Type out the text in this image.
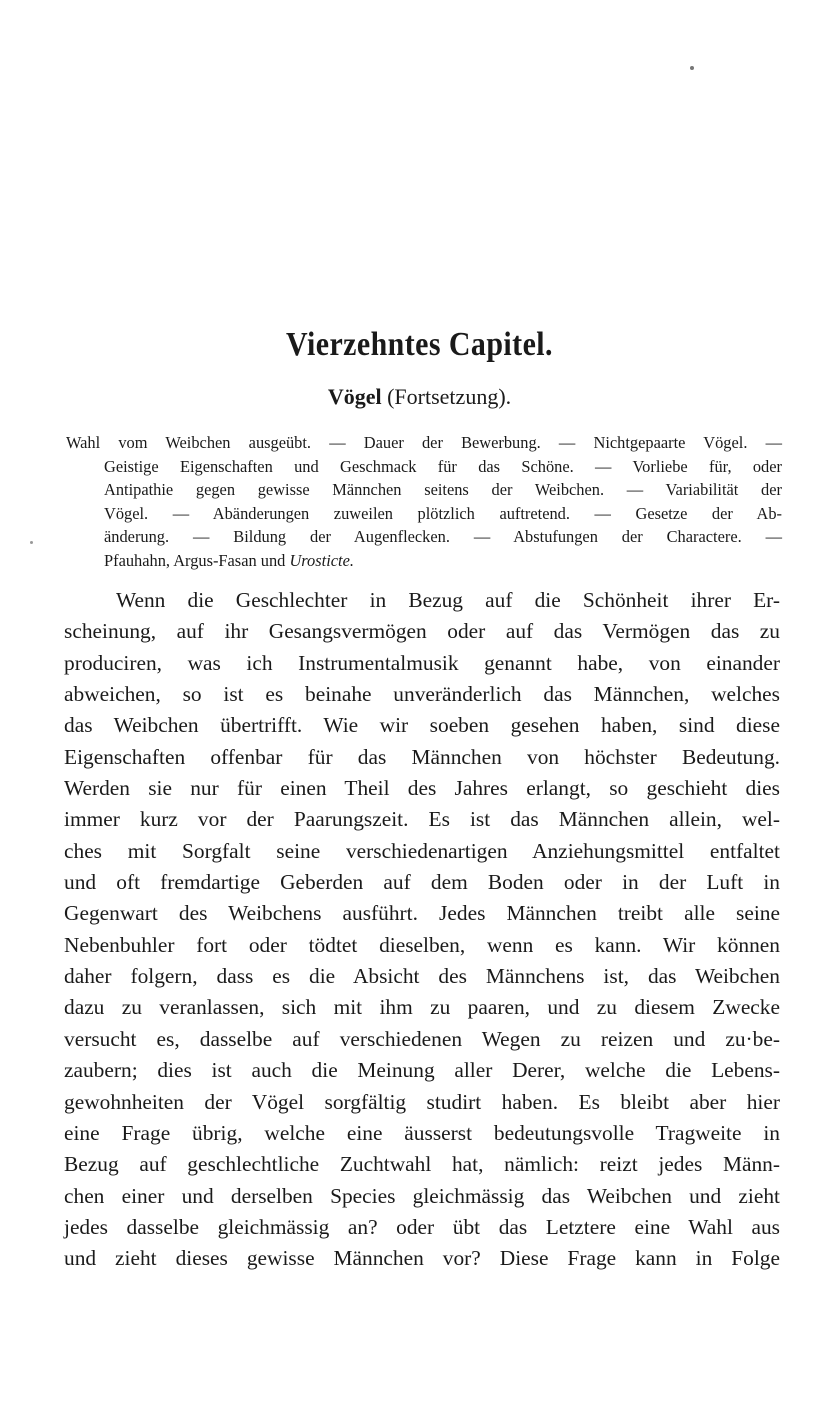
Vierzehntes Capitel.
Vögel (Fortsetzung).
Wahl vom Weibchen ausgeübt. — Dauer der Bewerbung. — Nichtgepaarte Vögel. —
Geistige Eigenschaften und Geschmack für das Schöne. — Vorliebe für, oder
Antipathie gegen gewisse Männchen seitens der Weibchen. — Variabilität der
Vögel. — Abänderungen zuweilen plötzlich auftretend. — Gesetze der Ab-
änderung. — Bildung der Augenflecken. — Abstufungen der Charactere. —
Pfauhahn, Argus-Fasan und Urosticte.
Wenn die Geschlechter in Bezug auf die Schönheit ihrer Er-
scheinung, auf ihr Gesangsvermögen oder auf das Vermögen das zu
produciren, was ich Instrumentalmusik genannt habe, von einander
abweichen, so ist es beinahe unveränderlich das Männchen, welches
das Weibchen übertrifft. Wie wir soeben gesehen haben, sind diese
Eigenschaften offenbar für das Männchen von höchster Bedeutung.
Werden sie nur für einen Theil des Jahres erlangt, so geschieht dies
immer kurz vor der Paarungszeit. Es ist das Männchen allein, wel-
ches mit Sorgfalt seine verschiedenartigen Anziehungsmittel entfaltet
und oft fremdartige Geberden auf dem Boden oder in der Luft in
Gegenwart des Weibchens ausführt. Jedes Männchen treibt alle seine
Nebenbuhler fort oder tödtet dieselben, wenn es kann. Wir können
daher folgern, dass es die Absicht des Männchens ist, das Weibchen
dazu zu veranlassen, sich mit ihm zu paaren, und zu diesem Zwecke
versucht es, dasselbe auf verschiedenen Wegen zu reizen und zu·be-
zaubern; dies ist auch die Meinung aller Derer, welche die Lebens-
gewohnheiten der Vögel sorgfältig studirt haben. Es bleibt aber hier
eine Frage übrig, welche eine äusserst bedeutungsvolle Tragweite in
Bezug auf geschlechtliche Zuchtwahl hat, nämlich: reizt jedes Männ-
chen einer und derselben Species gleichmässig das Weibchen und zieht
jedes dasselbe gleichmässig an? oder übt das Letztere eine Wahl aus
und zieht dieses gewisse Männchen vor? Diese Frage kann in Folge
